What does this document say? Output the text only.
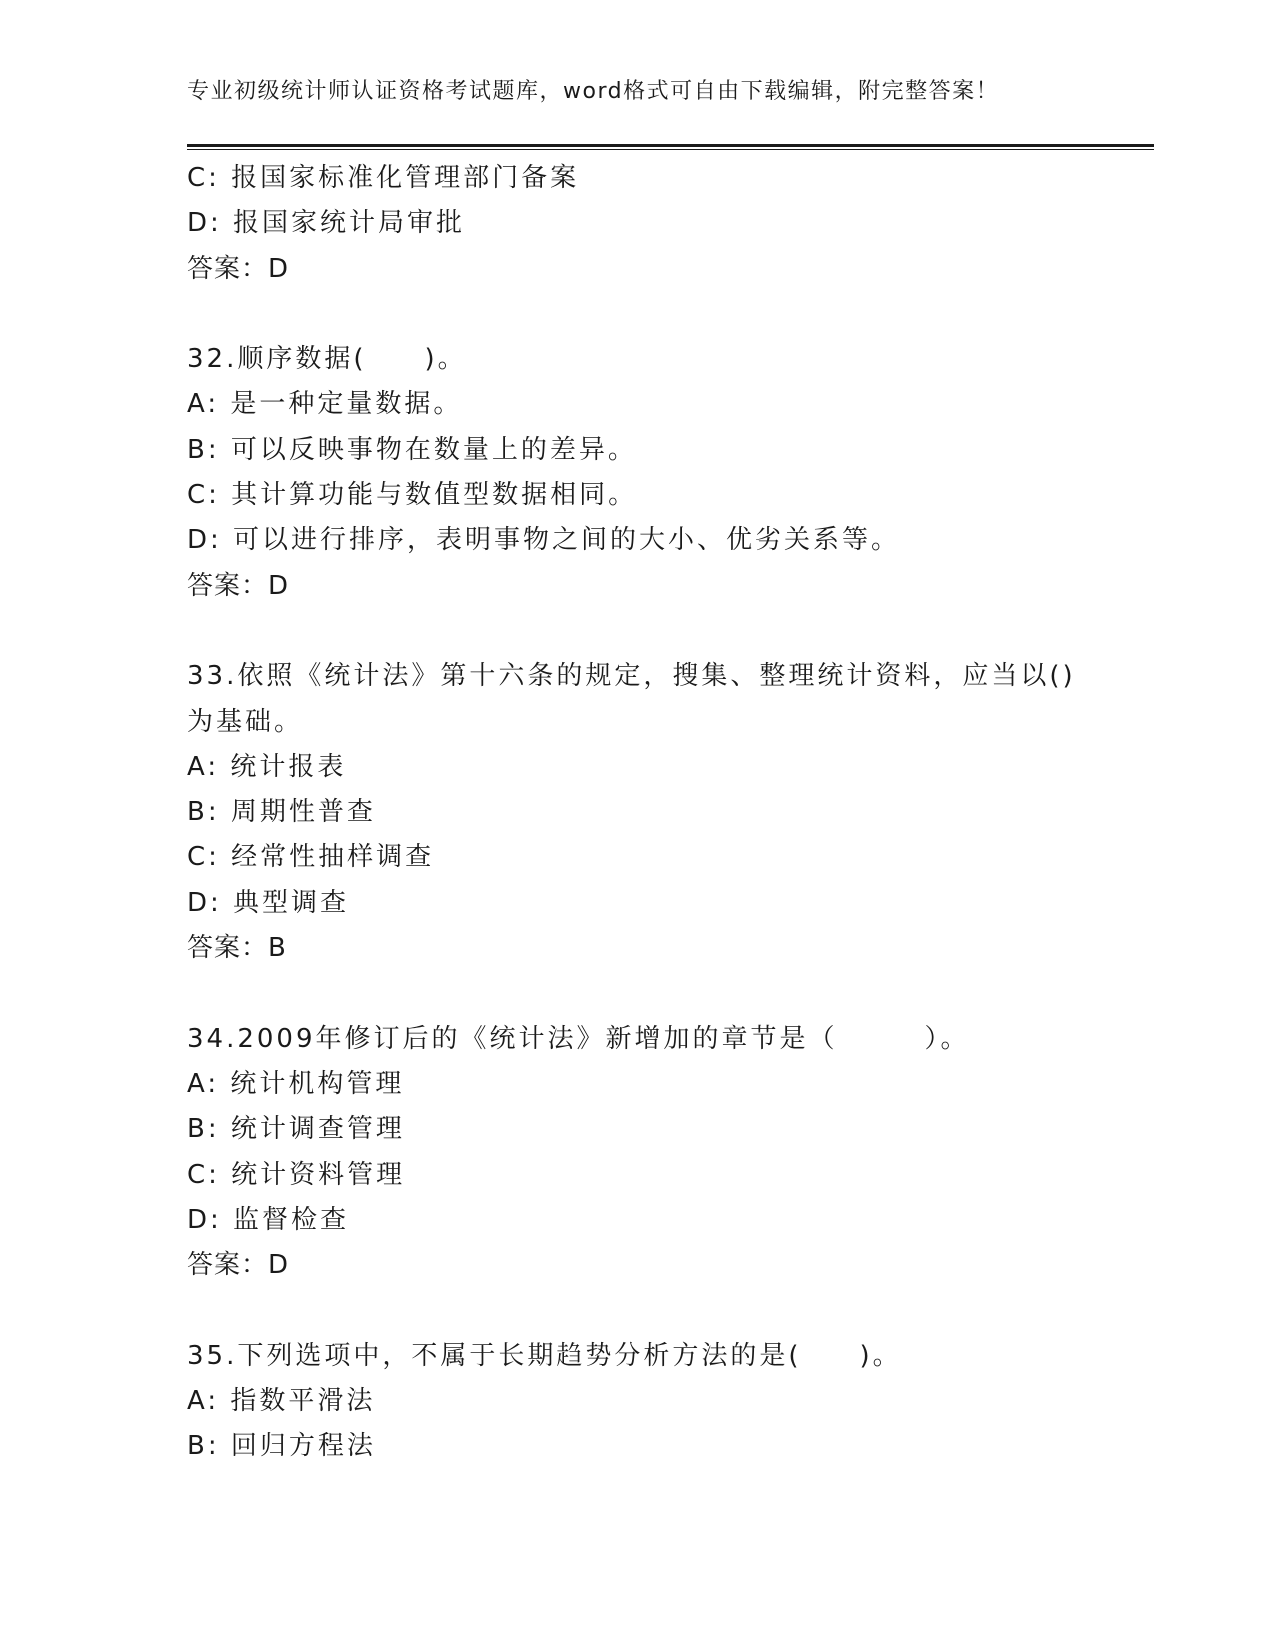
专业初级统计师认证资格考试题库，word格式可自由下载编辑，附完整答案！
C: 报国家标准化管理部门备案
D: 报国家统计局审批
答案：D
32.顺序数据(　　)。
A: 是一种定量数据。
B: 可以反映事物在数量上的差异。
C: 其计算功能与数值型数据相同。
D: 可以进行排序，表明事物之间的大小、优劣关系等。
答案：D
33.依照《统计法》第十六条的规定，搜集、整理统计资料，应当以()
为基础。
A: 统计报表
B: 周期性普查
C: 经常性抽样调查
D: 典型调查
答案：B
34.2009年修订后的《统计法》新增加的章节是（　　　）。
A: 统计机构管理
B: 统计调查管理
C: 统计资料管理
D: 监督检查
答案：D
35.下列选项中，不属于长期趋势分析方法的是(　　)。
A: 指数平滑法
B: 回归方程法
